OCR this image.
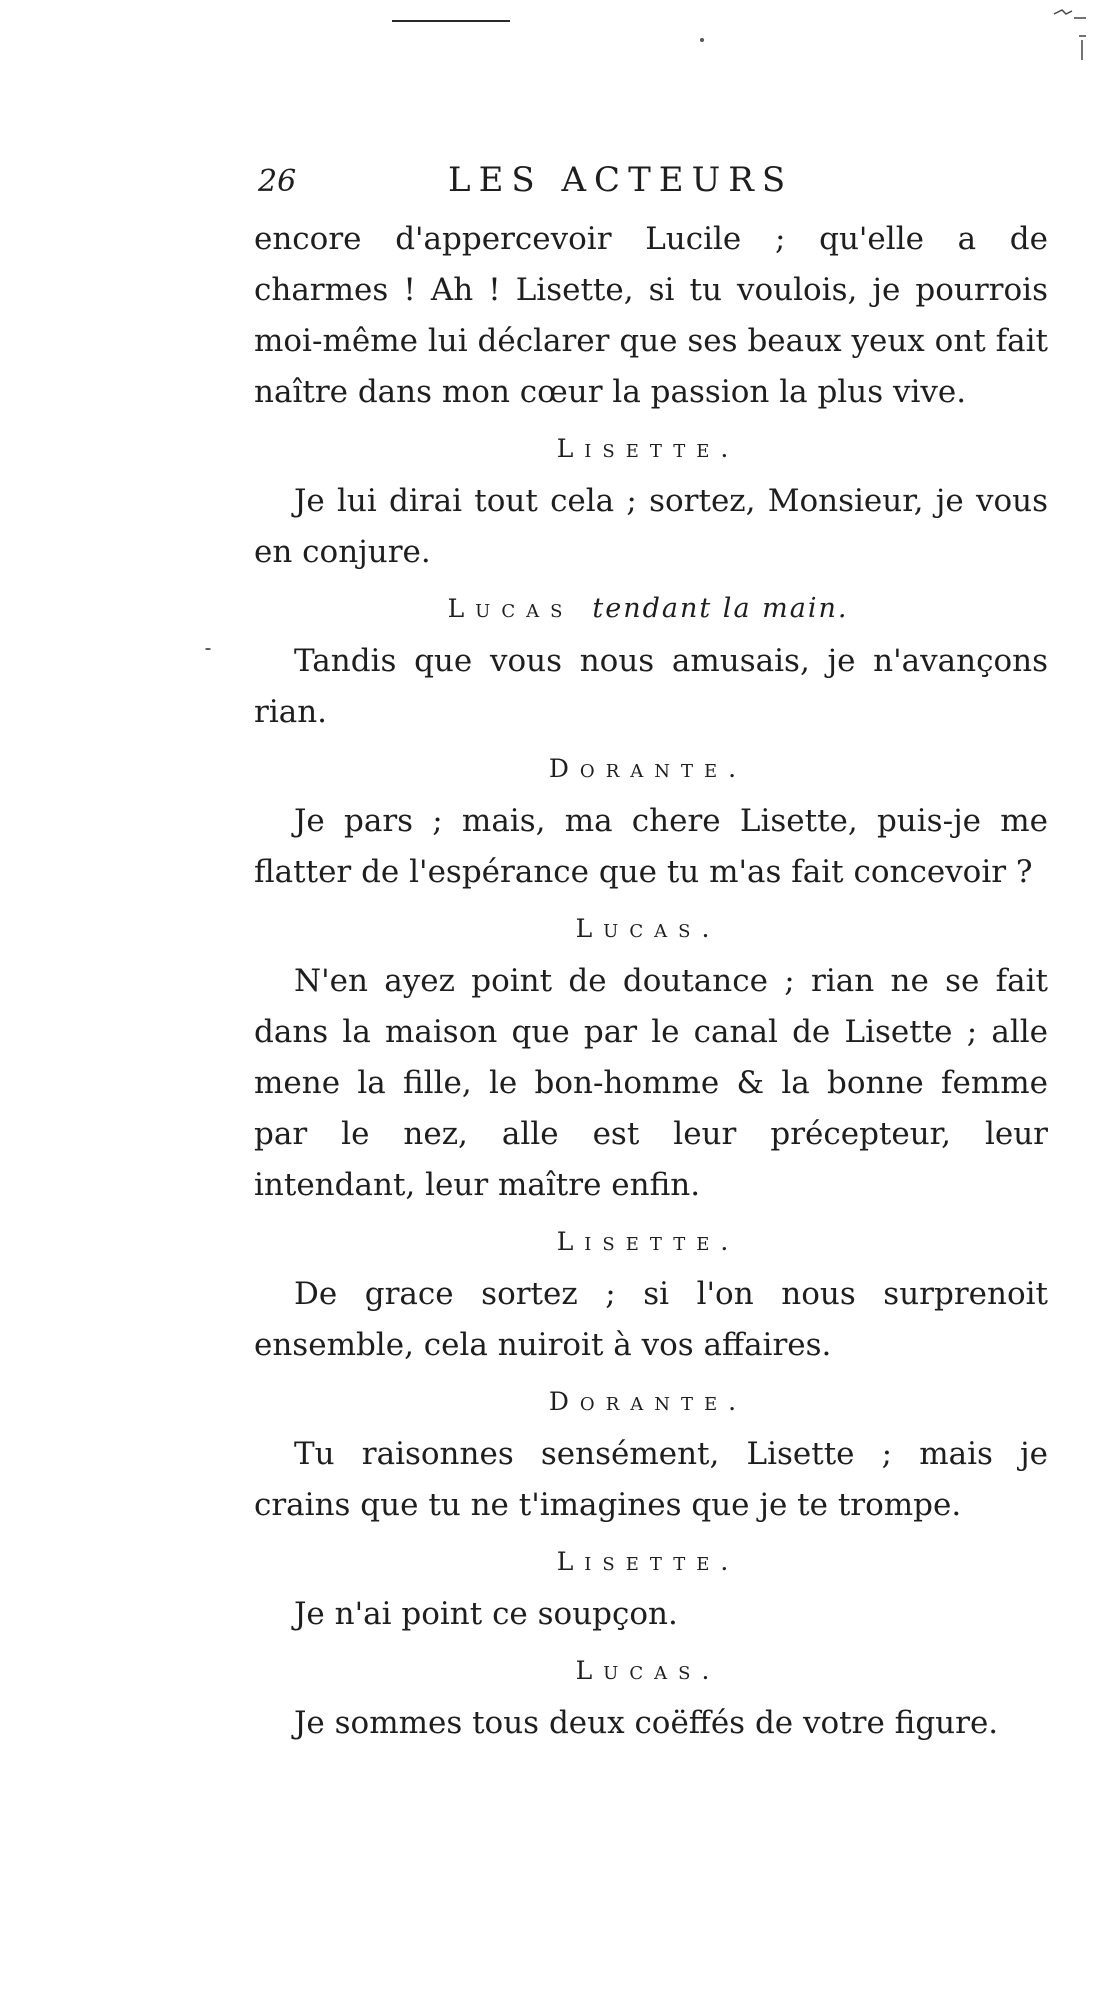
26	LES ACTEURS

encore d'appercevoir Lucile ; qu'elle a de charmes ! Ah ! Lisette, si tu voulois, je pourrois moi-même lui déclarer que ses beaux yeux ont fait naître dans mon cœur la passion la plus vive.

Lisette.

Je lui dirai tout cela ; sortez, Monsieur, je vous en conjure.

Lucas tendant la main.

Tandis que vous nous amusais, je n'avançons rian.

Dorante.

Je pars ; mais, ma chere Lisette, puis-je me flatter de l'espérance que tu m'as fait concevoir ?

Lucas.

N'en ayez point de doutance ; rian ne se fait dans la maison que par le canal de Lisette ; alle mene la fille, le bon-homme & la bonne femme par le nez, alle est leur précepteur, leur intendant, leur maître enfin.

Lisette.

De grace sortez ; si l'on nous surprenoit ensemble, cela nuiroit à vos affaires.

Dorante.

Tu raisonnes sensément, Lisette ; mais je crains que tu ne t'imagines que je te trompe.

Lisette.

Je n'ai point ce soupçon.

Lucas.

Je sommes tous deux coëffés de votre figure.
